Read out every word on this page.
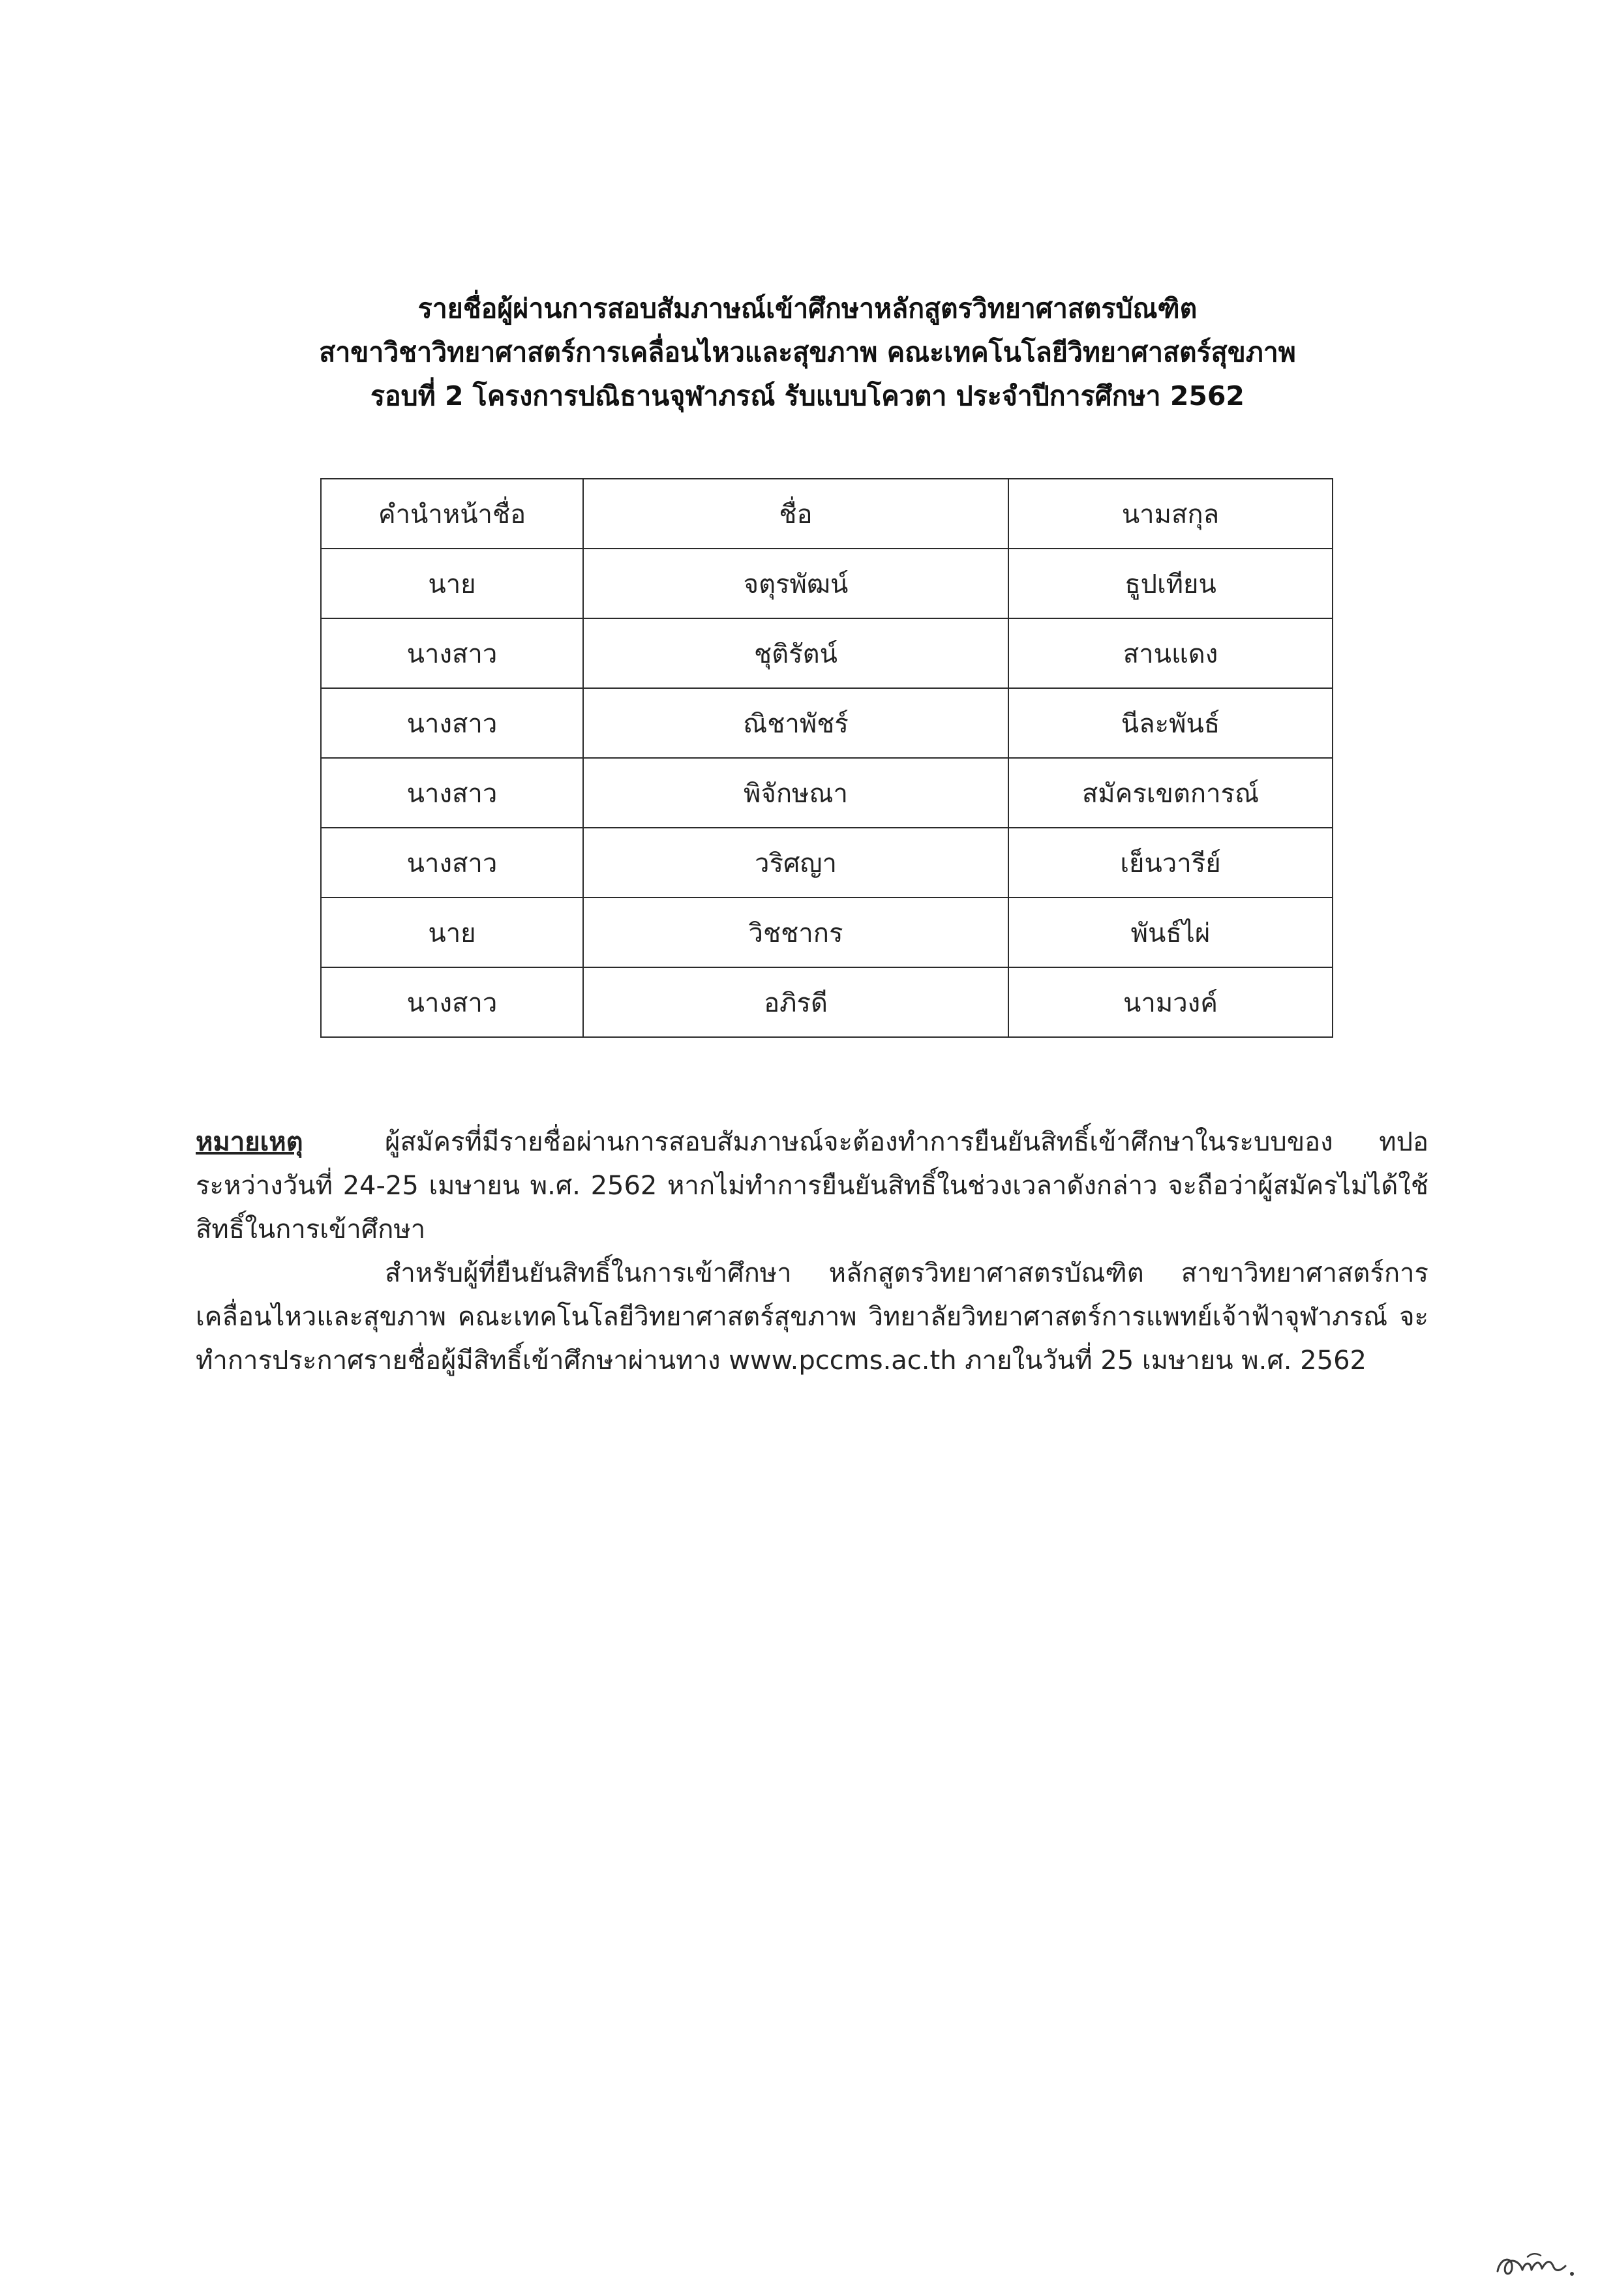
รายชื่อผู้ผ่านการสอบสัมภาษณ์เข้าศึกษาหลักสูตรวิทยาศาสตรบัณฑิต
สาขาวิชาวิทยาศาสตร์การเคลื่อนไหวและสุขภาพ คณะเทคโนโลยีวิทยาศาสตร์สุขภาพ
รอบที่ 2 โครงการปณิธานจุฬาภรณ์ รับแบบโควตา ประจำปีการศึกษา 2562
คำนำหน้าชื่อ	ชื่อ	นามสกุล
นาย	จตุรพัฒน์	ธูปเทียน
นางสาว	ชุติรัตน์	สานแดง
นางสาว	ณิชาพัชร์	นีละพันธ์
นางสาว	พิจักษณา	สมัครเขตการณ์
นางสาว	วริศญา	เย็นวารีย์
นาย	วิชชากร	พันธ์ไผ่
นางสาว	อภิรดี	นามวงค์

หมายเหตุ	ผู้สมัครที่มีรายชื่อผ่านการสอบสัมภาษณ์จะต้องทำการยืนยันสิทธิ์เข้าศึกษาในระบบของ ทปอ ระหว่างวันที่ 24-25 เมษายน พ.ศ. 2562 หากไม่ทำการยืนยันสิทธิ์ในช่วงเวลาดังกล่าว จะถือว่าผู้สมัครไม่ได้ใช้สิทธิ์ในการเข้าศึกษา

สำหรับผู้ที่ยืนยันสิทธิ์ในการเข้าศึกษา หลักสูตรวิทยาศาสตรบัณฑิต สาขาวิทยาศาสตร์การเคลื่อนไหวและสุขภาพ คณะเทคโนโลยีวิทยาศาสตร์สุขภาพ วิทยาลัยวิทยาศาสตร์การแพทย์เจ้าฟ้าจุฬาภรณ์ จะทำการประกาศรายชื่อผู้มีสิทธิ์เข้าศึกษาผ่านทาง www.pccms.ac.th ภายในวันที่ 25 เมษายน พ.ศ. 2562
